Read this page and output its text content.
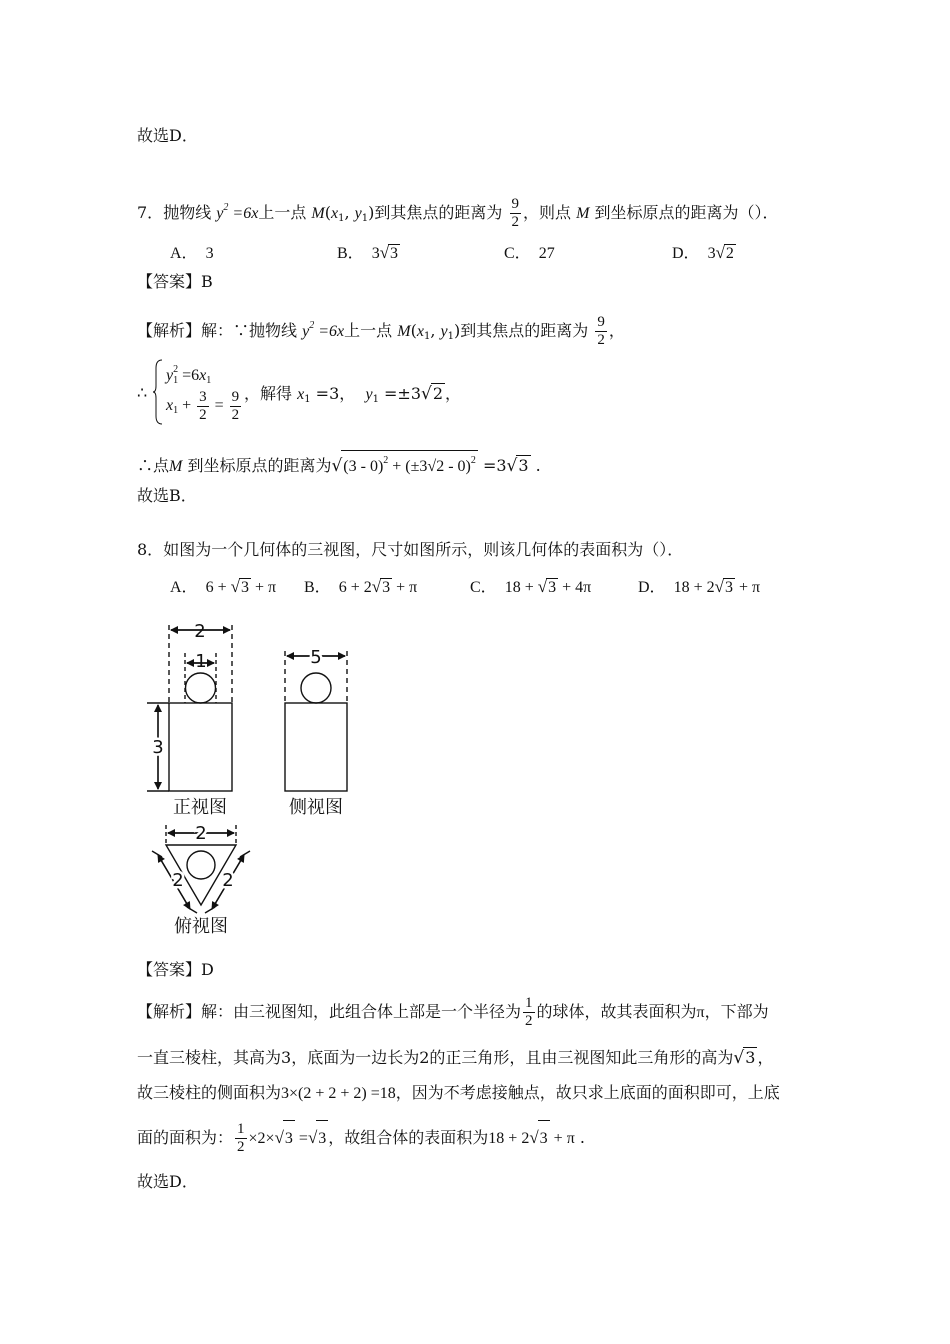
故选D．
7．抛物线 $y^2 =6x$上一点 $M(x_1$, $y_1$)到其焦点的距离为 $\frac{9}{2}$ ，则点 M 到坐标原点的距离为（）．
A．  3	B．  3√3	C．  27	D．  3√2
【答案】B
【解析】解：∵抛物线 $y^2 =6x$上一点 $M(x_1$, $y_1$)到其焦点的距离为 $\frac{9}{2}$ ，
∴
$y_1^2 =6x_1$
$x_1 + \frac{3}{2} = \frac{9}{2}$ ，解得 $x_1 =3$，  $y_1 =\pm 3√2$ ，
∴点M 到坐标原点的距离为$√(3 - 0)^2 + (\pm 3√2 - 0)^2 =3√3$ .
故选B．
8．如图为一个几何体的三视图，尺寸如图所示，则该几何体的表面积为（）．
A．  6 + √3 + π B．  6 + 2√3 + π	C．  18 + √3 + 4π	D．  18 + 2√3 + π
2
1
3
5
2
2 2
正视图	侧视图
俯视图
【答案】D
【解析】解：由三视图知，此组合体上部是一个半径为 $\frac{1}{2}$ 的球体，故其表面积为π，下部为
一直三棱柱，其高为3，底面为一边长为2的正三角形，且由三视图知此三角形的高为√3 ，
故三棱柱的侧面积为3×(2 + 2 + 2) =18，因为不考虑接触点，故只求上底面的面积即可，上底
面的面积为： $\frac{1}{2} \times 2\times√3 =√3$ ，故组合体的表面积为18 + 2√3 + π .
故选D．
